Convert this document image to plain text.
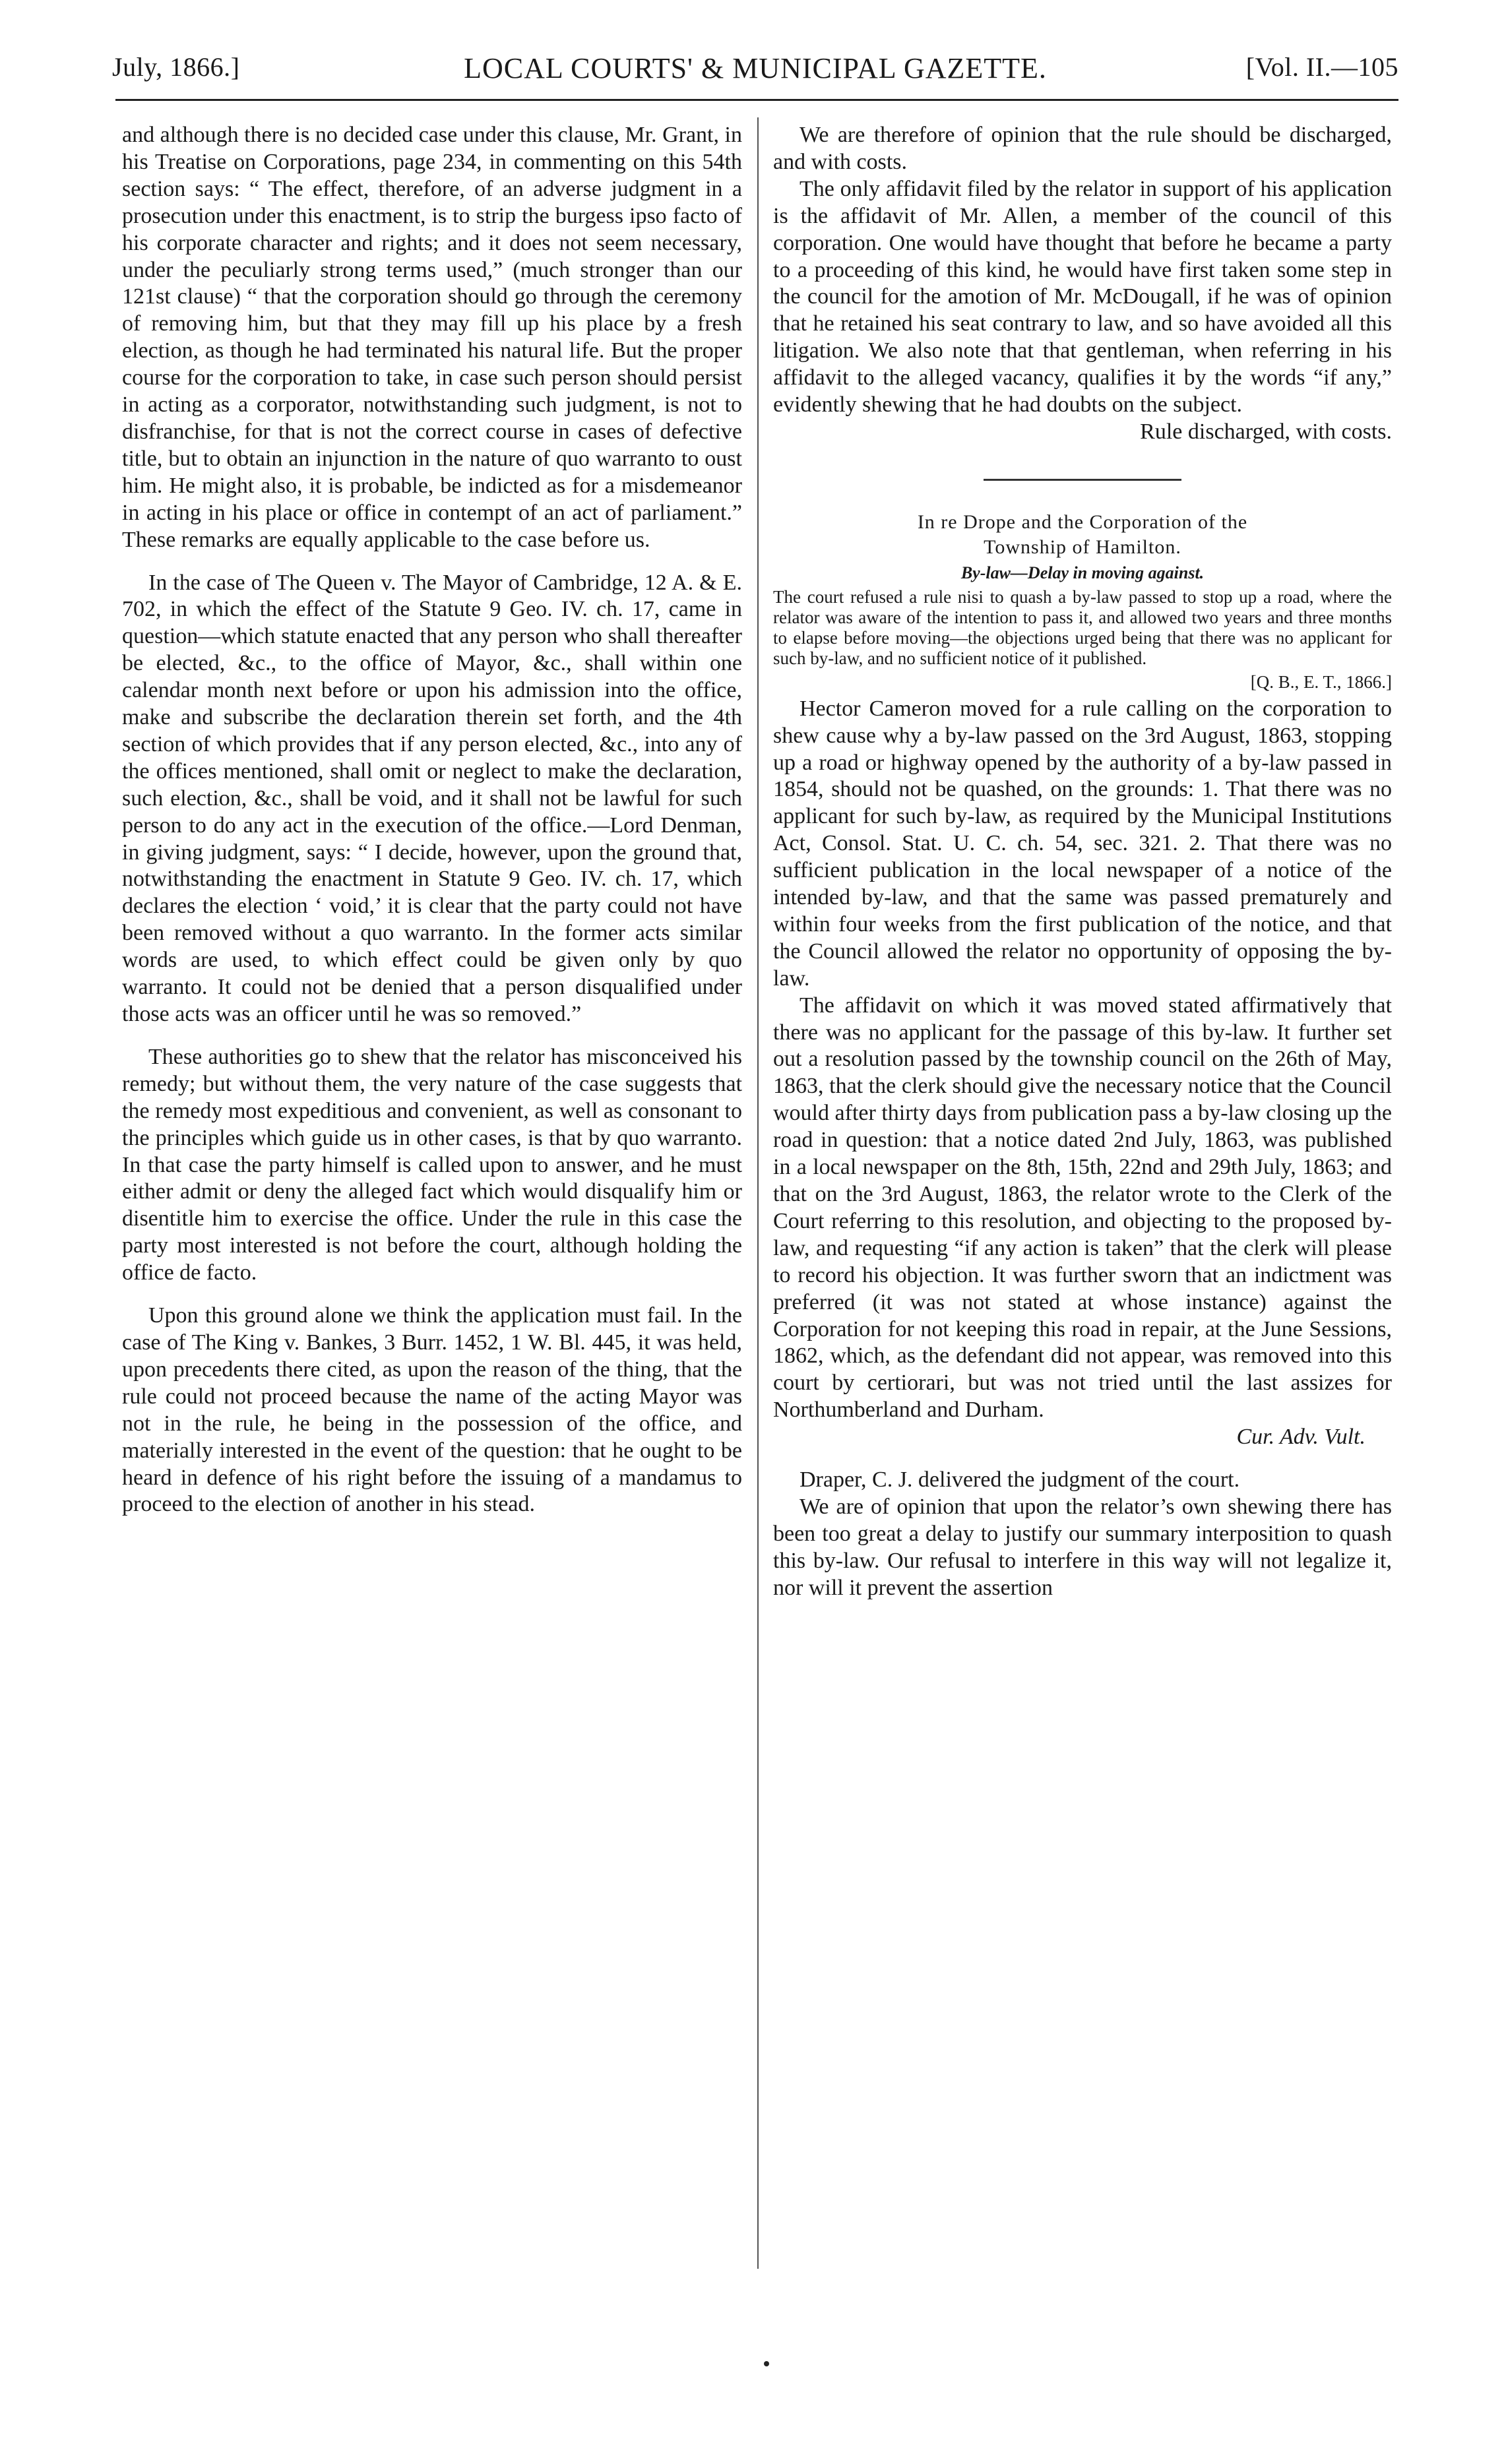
July, 1866.]	LOCAL COURTS' & MUNICIPAL GAZETTE.	[Vol. II.—105

and although there is no decided case under this clause, Mr. Grant, in his Treatise on Corporations, page 234, in commenting on this 54th section says: “ The effect, therefore, of an adverse judgment in a prosecution under this enactment, is to strip the burgess ipso facto of his corporate character and rights; and it does not seem necessary, under the peculiarly strong terms used,” (much stronger than our 121st clause) “ that the corporation should go through the ceremony of removing him, but that they may fill up his place by a fresh election, as though he had terminated his natural life. But the proper course for the corporation to take, in case such person should persist in acting as a corporator, notwithstanding such judgment, is not to disfranchise, for that is not the correct course in cases of defective title, but to obtain an injunction in the nature of quo warranto to oust him. He might also, it is probable, be indicted as for a misdemeanor in acting in his place or office in contempt of an act of parliament.” These remarks are equally applicable to the case before us.

In the case of The Queen v. The Mayor of Cambridge, 12 A. & E. 702, in which the effect of the Statute 9 Geo. IV. ch. 17, came in question—which statute enacted that any person who shall thereafter be elected, &c., to the office of Mayor, &c., shall within one calendar month next before or upon his admission into the office, make and subscribe the declaration therein set forth, and the 4th section of which provides that if any person elected, &c., into any of the offices mentioned, shall omit or neglect to make the declaration, such election, &c., shall be void, and it shall not be lawful for such person to do any act in the execution of the office.—Lord Denman, in giving judgment, says: “ I decide, however, upon the ground that, notwithstanding the enactment in Statute 9 Geo. IV. ch. 17, which declares the election ‘ void,’ it is clear that the party could not have been removed without a quo warranto. In the former acts similar words are used, to which effect could be given only by quo warranto. It could not be denied that a person disqualified under those acts was an officer until he was so removed.”

These authorities go to shew that the relator has misconceived his remedy; but without them, the very nature of the case suggests that the remedy most expeditious and convenient, as well as consonant to the principles which guide us in other cases, is that by quo warranto. In that case the party himself is called upon to answer, and he must either admit or deny the alleged fact which would disqualify him or disentitle him to exercise the office. Under the rule in this case the party most interested is not before the court, although holding the office de facto.

Upon this ground alone we think the application must fail. In the case of The King v. Bankes, 3 Burr. 1452, 1 W. Bl. 445, it was held, upon precedents there cited, as upon the reason of the thing, that the rule could not proceed because the name of the acting Mayor was not in the rule, he being in the possession of the office, and materially interested in the event of the question: that he ought to be heard in defence of his right before the issuing of a mandamus to proceed to the election of another in his stead.

We are therefore of opinion that the rule should be discharged, and with costs.

The only affidavit filed by the relator in support of his application is the affidavit of Mr. Allen, a member of the council of this corporation. One would have thought that before he became a party to a proceeding of this kind, he would have first taken some step in the council for the amotion of Mr. McDougall, if he was of opinion that he retained his seat contrary to law, and so have avoided all this litigation. We also note that that gentleman, when referring in his affidavit to the alleged vacancy, qualifies it by the words “if any,” evidently shewing that he had doubts on the subject.

Rule discharged, with costs.

In re Drope and the Corporation of the
Township of Hamilton.

By-law—Delay in moving against.

The court refused a rule nisi to quash a by-law passed to stop up a road, where the relator was aware of the intention to pass it, and allowed two years and three months to elapse before moving—the objections urged being that there was no applicant for such by-law, and no sufficient notice of it published.

[Q. B., E. T., 1866.]

Hector Cameron moved for a rule calling on the corporation to shew cause why a by-law passed on the 3rd August, 1863, stopping up a road or highway opened by the authority of a by-law passed in 1854, should not be quashed, on the grounds: 1. That there was no applicant for such by-law, as required by the Municipal Institutions Act, Consol. Stat. U. C. ch. 54, sec. 321. 2. That there was no sufficient publication in the local newspaper of a notice of the intended by-law, and that the same was passed prematurely and within four weeks from the first publication of the notice, and that the Council allowed the relator no opportunity of opposing the by-law.

The affidavit on which it was moved stated affirmatively that there was no applicant for the passage of this by-law. It further set out a resolution passed by the township council on the 26th of May, 1863, that the clerk should give the necessary notice that the Council would after thirty days from publication pass a by-law closing up the road in question: that a notice dated 2nd July, 1863, was published in a local newspaper on the 8th, 15th, 22nd and 29th July, 1863; and that on the 3rd August, 1863, the relator wrote to the Clerk of the Court referring to this resolution, and objecting to the proposed by-law, and requesting “if any action is taken” that the clerk will please to record his objection. It was further sworn that an indictment was preferred (it was not stated at whose instance) against the Corporation for not keeping this road in repair, at the June Sessions, 1862, which, as the defendant did not appear, was removed into this court by certiorari, but was not tried until the last assizes for Northumberland and Durham.

Cur. Adv. Vult.

Draper, C. J. delivered the judgment of the court.

We are of opinion that upon the relator’s own shewing there has been too great a delay to justify our summary interposition to quash this by-law. Our refusal to interfere in this way will not legalize it, nor will it prevent the assertion
